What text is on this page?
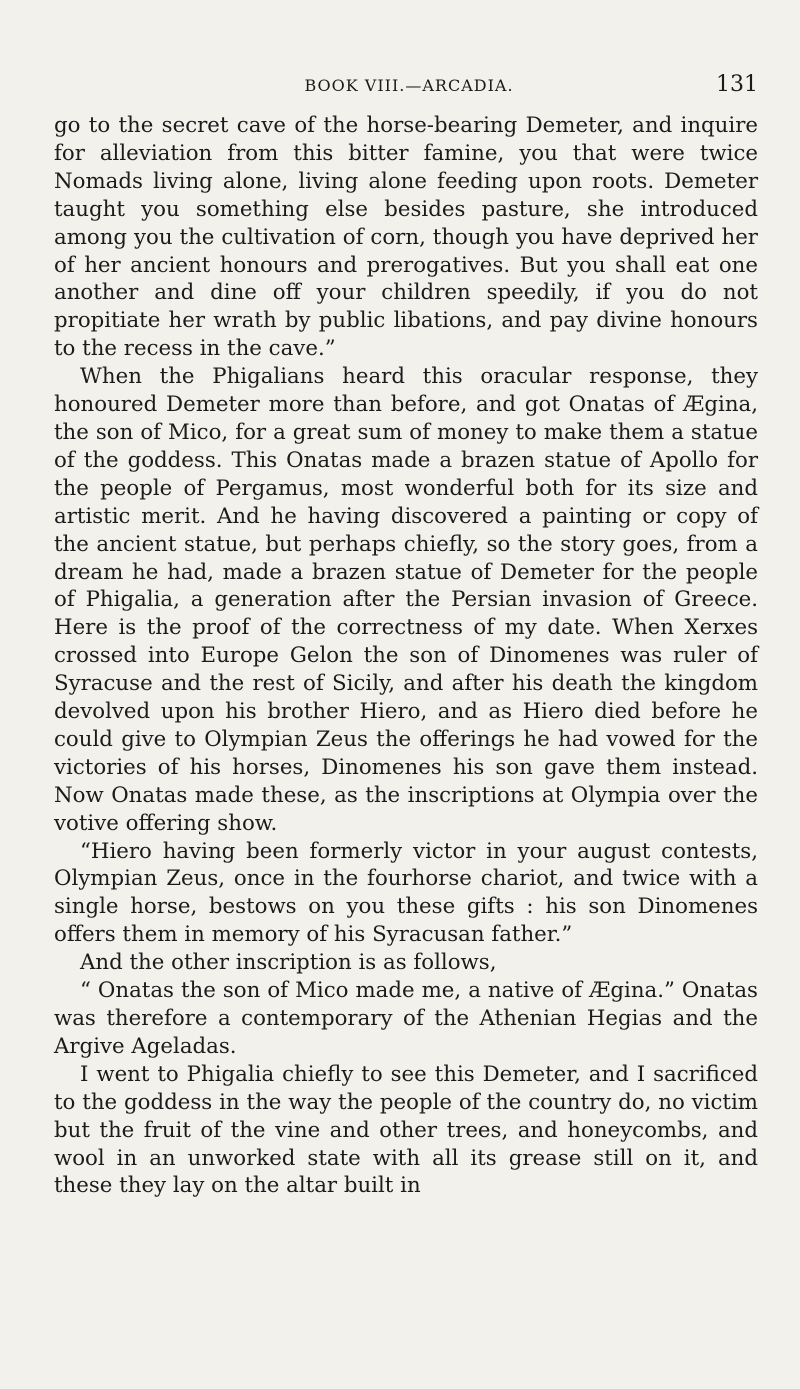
BOOK VIII.—ARCADIA.	131

go to the secret cave of the horse-bearing Demeter, and inquire for alleviation from this bitter famine, you that were twice Nomads living alone, living alone feeding upon roots. Demeter taught you something else besides pasture, she introduced among you the cultivation of corn, though you have deprived her of her ancient honours and prerogatives. But you shall eat one another and dine off your children speedily, if you do not propitiate her wrath by public libations, and pay divine honours to the recess in the cave.”

When the Phigalians heard this oracular response, they honoured Demeter more than before, and got Onatas of Ægina, the son of Mico, for a great sum of money to make them a statue of the goddess. This Onatas made a brazen statue of Apollo for the people of Pergamus, most wonderful both for its size and artistic merit. And he having discovered a painting or copy of the ancient statue, but perhaps chiefly, so the story goes, from a dream he had, made a brazen statue of Demeter for the people of Phigalia, a generation after the Persian invasion of Greece. Here is the proof of the correctness of my date. When Xerxes crossed into Europe Gelon the son of Dinomenes was ruler of Syracuse and the rest of Sicily, and after his death the kingdom devolved upon his brother Hiero, and as Hiero died before he could give to Olympian Zeus the offerings he had vowed for the victories of his horses, Dinomenes his son gave them instead. Now Onatas made these, as the inscriptions at Olympia over the votive offering show.

“Hiero having been formerly victor in your august contests, Olympian Zeus, once in the fourhorse chariot, and twice with a single horse, bestows on you these gifts : his son Dinomenes offers them in memory of his Syracusan father.”

And the other inscription is as follows,

“ Onatas the son of Mico made me, a native of Ægina.” Onatas was therefore a contemporary of the Athenian Hegias and the Argive Ageladas.

I went to Phigalia chiefly to see this Demeter, and I sacrificed to the goddess in the way the people of the country do, no victim but the fruit of the vine and other trees, and honeycombs, and wool in an unworked state with all its grease still on it, and these they lay on the altar built in
